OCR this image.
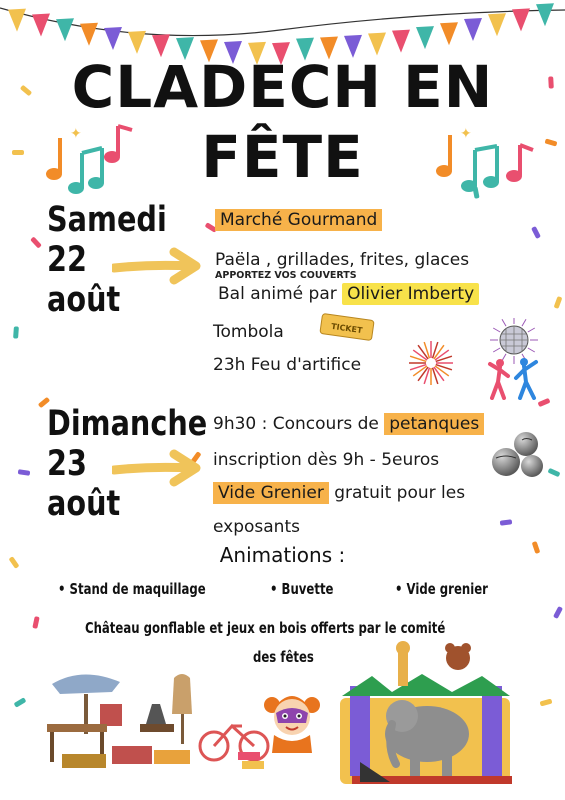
CLADECH EN
FÊTE
✦	✦
Samedi
22
août
Marché Gourmand
Paëla , grillades, frites, glaces
APPORTEZ VOS COUVERTS
Bal animé par Olivier Imberty
Tombola	TICKET
23h Feu d'artifice
Dimanche
23
août
9h30 : Concours de petanques
inscription dès 9h - 5euros
Vide Grenier gratuit pour les
exposants
Animations :
• Stand de maquillage	• Buvette	• Vide grenier
Château gonflable et jeux en bois offerts par le comité
des fêtes
